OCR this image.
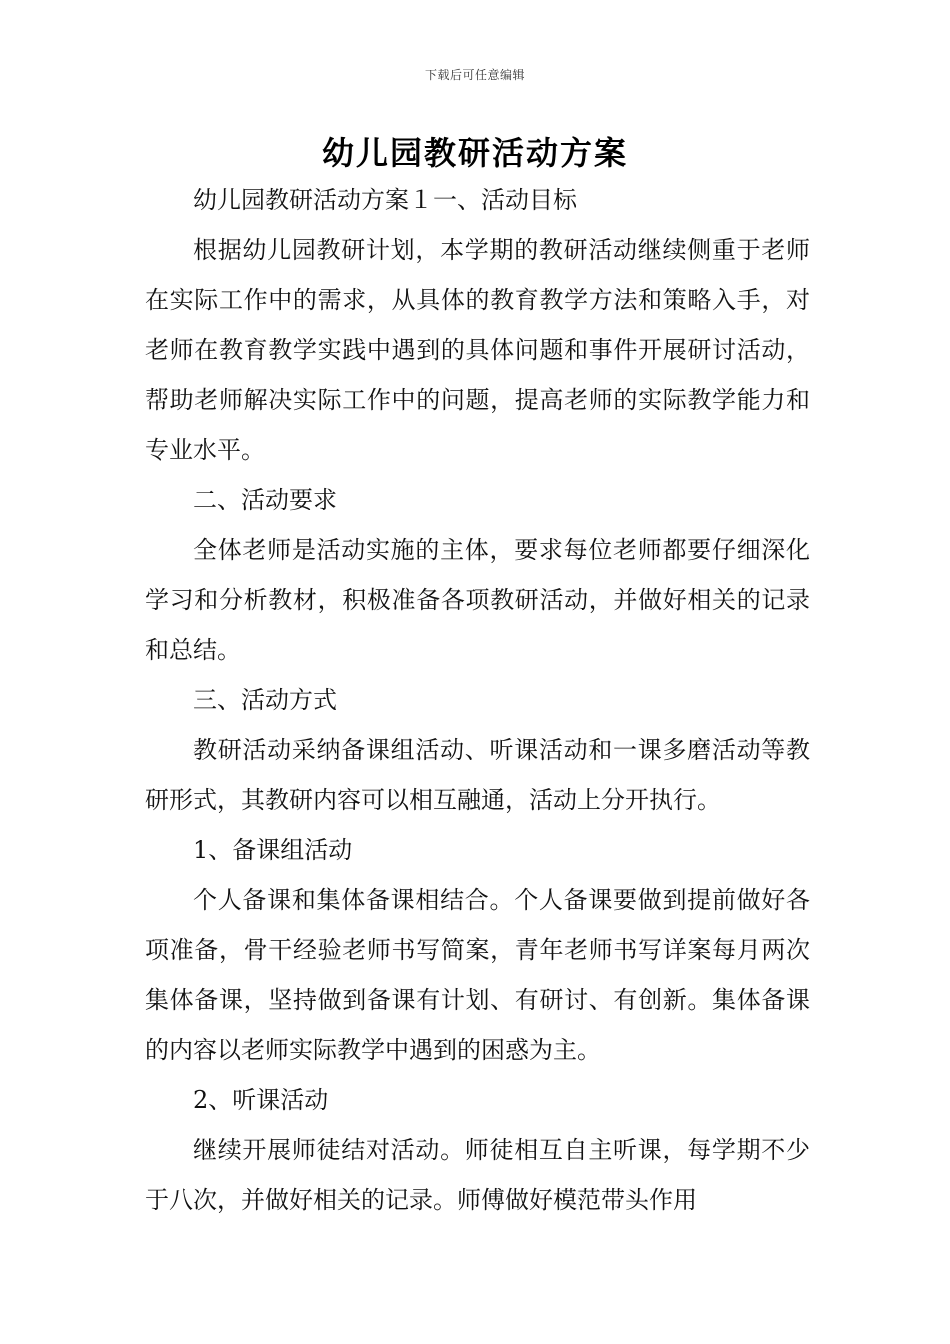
下载后可任意编辑
幼儿园教研活动方案

幼儿园教研活动方案１一、活动目标

根据幼儿园教研计划，本学期的教研活动继续侧重于老师在实际工作中的需求，从具体的教育教学方法和策略入手，对老师在教育教学实践中遇到的具体问题和事件开展研讨活动，帮助老师解决实际工作中的问题，提高老师的实际教学能力和专业水平。

二、活动要求

全体老师是活动实施的主体，要求每位老师都要仔细深化学习和分析教材，积极准备各项教研活动，并做好相关的记录和总结。

三、活动方式

教研活动采纳备课组活动、听课活动和一课多磨活动等教研形式，其教研内容可以相互融通，活动上分开执行。

1、备课组活动

个人备课和集体备课相结合。个人备课要做到提前做好各项准备，骨干经验老师书写简案，青年老师书写详案每月两次集体备课，坚持做到备课有计划、有研讨、有创新。集体备课的内容以老师实际教学中遇到的困惑为主。

2、听课活动

继续开展师徒结对活动。师徒相互自主听课，每学期不少于八次，并做好相关的记录。师傅做好模范带头作用
